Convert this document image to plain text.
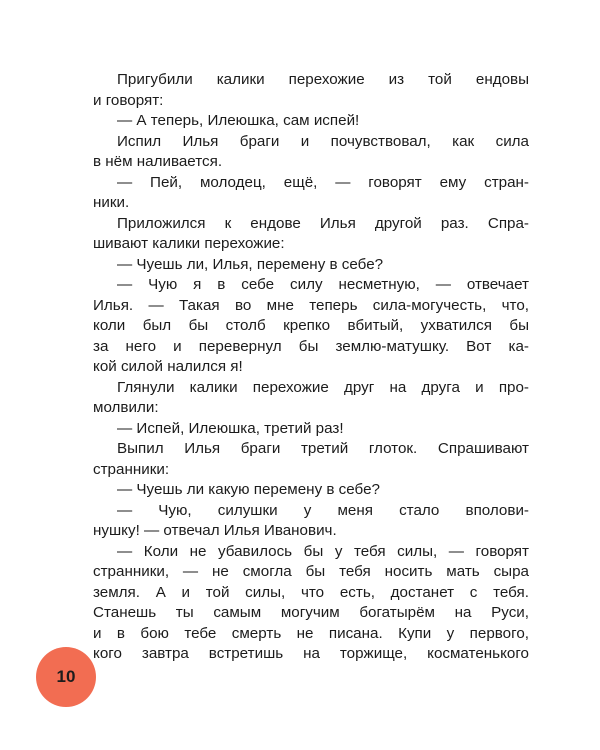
Пригубили калики перехожие из той ендовы
и говорят:
— А теперь, Илеюшка, сам испей!
Испил Илья браги и почувствовал, как сила
в нём наливается.
— Пей, молодец, ещё, — говорят ему стран-
ники.
Приложился к ендове Илья другой раз. Спра-
шивают калики перехожие:
— Чуешь ли, Илья, перемену в себе?
— Чую я в себе силу несметную, — отвечает
Илья. — Такая во мне теперь сила-могучесть, что,
коли был бы столб крепко вбитый, ухватился бы
за него и перевернул бы землю-матушку. Вот ка-
кой силой налился я!
Глянули калики перехожие друг на друга и про-
молвили:
— Испей, Илеюшка, третий раз!
Выпил Илья браги третий глоток. Спрашивают
странники:
— Чуешь ли какую перемену в себе?
— Чую, силушки у меня стало вполови-
нушку! — отвечал Илья Иванович.
— Коли не убавилось бы у тебя силы, — говорят
странники, — не смогла бы тебя носить мать сыра
земля. А и той силы, что есть, достанет с тебя.
Станешь ты самым могучим богатырём на Руси,
и в бою тебе смерть не писана. Купи у первого,
кого завтра встретишь на торжище, косматенького
10
